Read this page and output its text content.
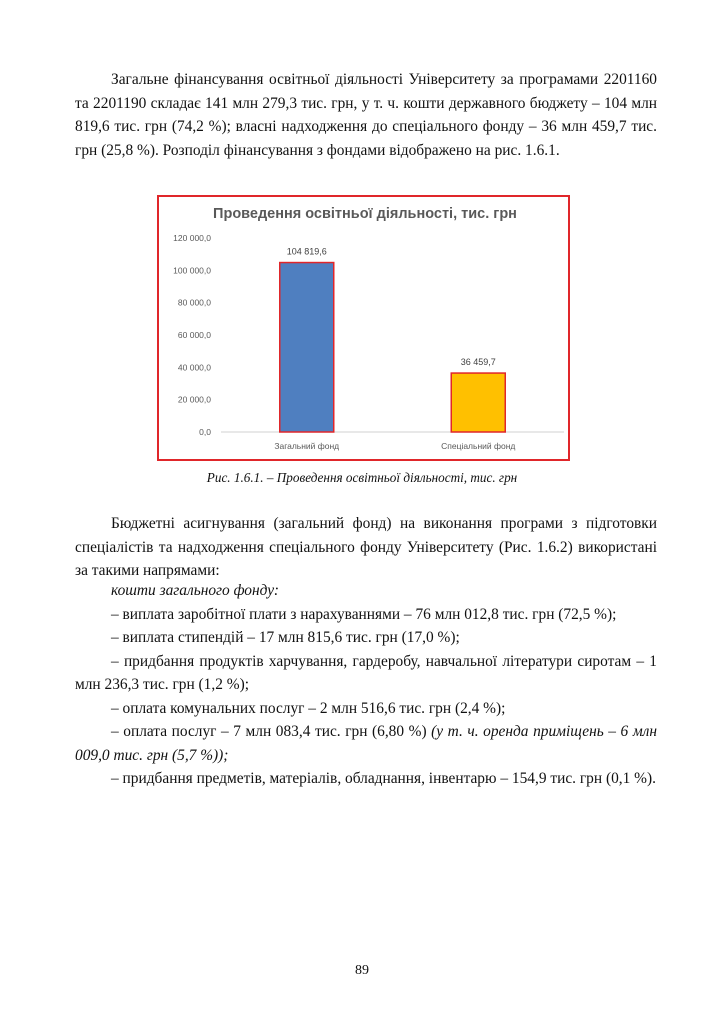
Загальне фінансування освітньої діяльності Університету за програмами 2201160 та 2201190 складає 141 млн 279,3 тис. грн, у т. ч. кошти державного бюджету – 104 млн 819,6 тис. грн (74,2 %); власні надходження до спеціального фонду – 36 млн 459,7 тис. грн (25,8 %). Розподіл фінансування з фондами відображено на рис. 1.6.1.

Проведення освітньої діяльності, тис. грн
0,0
20 000,0
40 000,0
60 000,0
80 000,0
100 000,0
120 000,0
104 819,6
36 459,7
Загальний фонд	Спеціальний фонд
Рис. 1.6.1. – Проведення освітньої діяльності, тис. грн

Бюджетні асигнування (загальний фонд) на виконання програми з підготовки спеціалістів та надходження спеціального фонду Університету (Рис. 1.6.2) використані за такими напрямами:

кошти загального фонду:

– виплата заробітної плати з нарахуваннями – 76 млн 012,8 тис. грн (72,5 %);

– виплата стипендій – 17 млн 815,6 тис. грн (17,0 %);

– придбання продуктів харчування, гардеробу, навчальної літератури сиротам – 1 млн 236,3 тис. грн (1,2 %);

– оплата комунальних послуг – 2 млн 516,6 тис. грн (2,4 %);

– оплата послуг – 7 млн 083,4 тис. грн (6,80 %) (у т. ч. оренда приміщень – 6 млн 009,0 тис. грн (5,7 %));

– придбання предметів, матеріалів, обладнання, інвентарю – 154,9 тис. грн (0,1 %).

89
